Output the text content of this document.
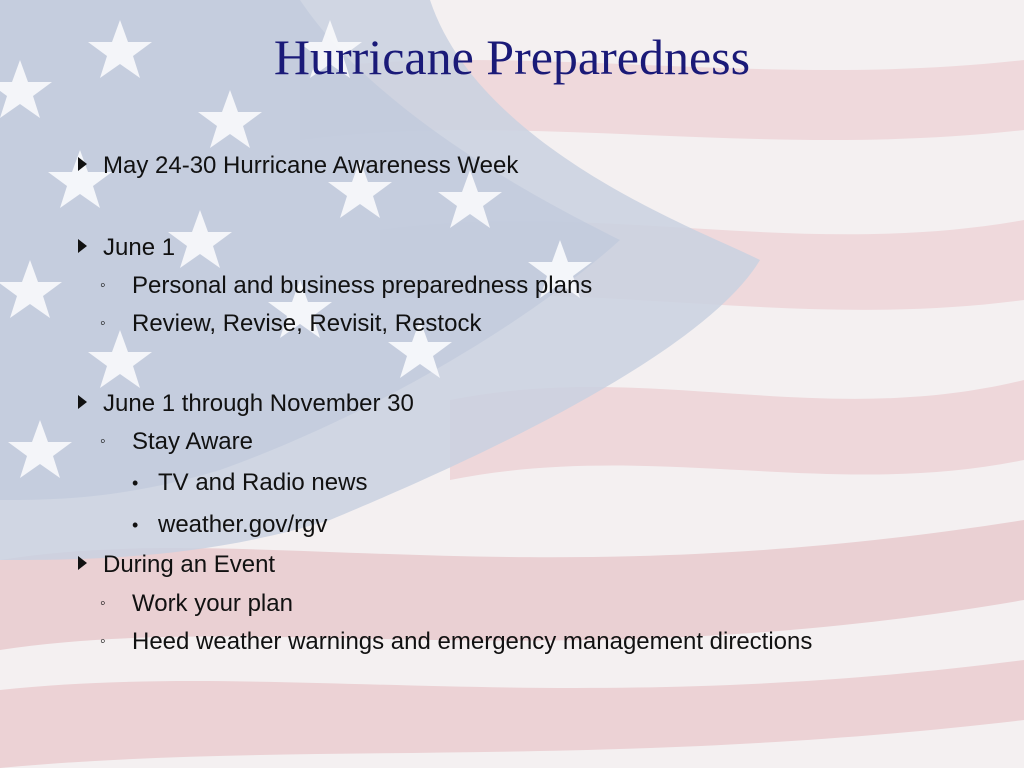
Hurricane Preparedness
May 24-30 Hurricane Awareness Week
June 1
◦ Personal and business preparedness plans
◦ Review, Revise, Revisit, Restock
June 1 through November 30
◦ Stay Aware
• TV and Radio news
• weather.gov/rgv
During an Event
◦ Work your plan
◦ Heed weather warnings and emergency management directions
